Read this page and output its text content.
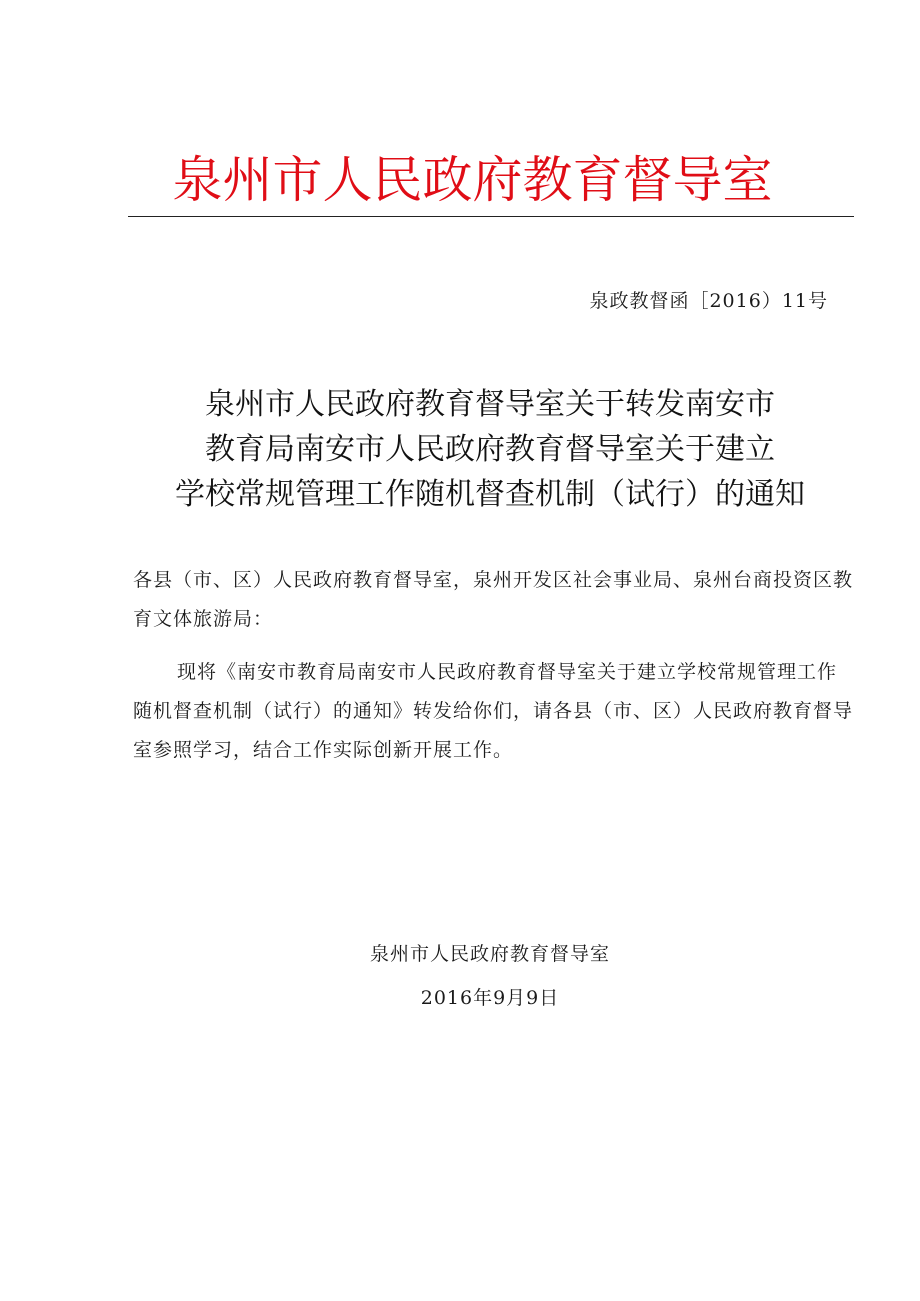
泉州市人民政府教育督导室
泉政教督函［2016）11号
泉州市人民政府教育督导室关于转发南安市
教育局南安市人民政府教育督导室关于建立
学校常规管理工作随机督查机制（试行）的通知
各县（市、区）人民政府教育督导室，泉州开发区社会事业局、泉州台商投资区教育文体旅游局：
现将《南安市教育局南安市人民政府教育督导室关于建立学校常规管理工作随机督查机制（试行）的通知》转发给你们，请各县（市、区）人民政府教育督导室参照学习，结合工作实际创新开展工作。
泉州市人民政府教育督导室
2016年9月9日
